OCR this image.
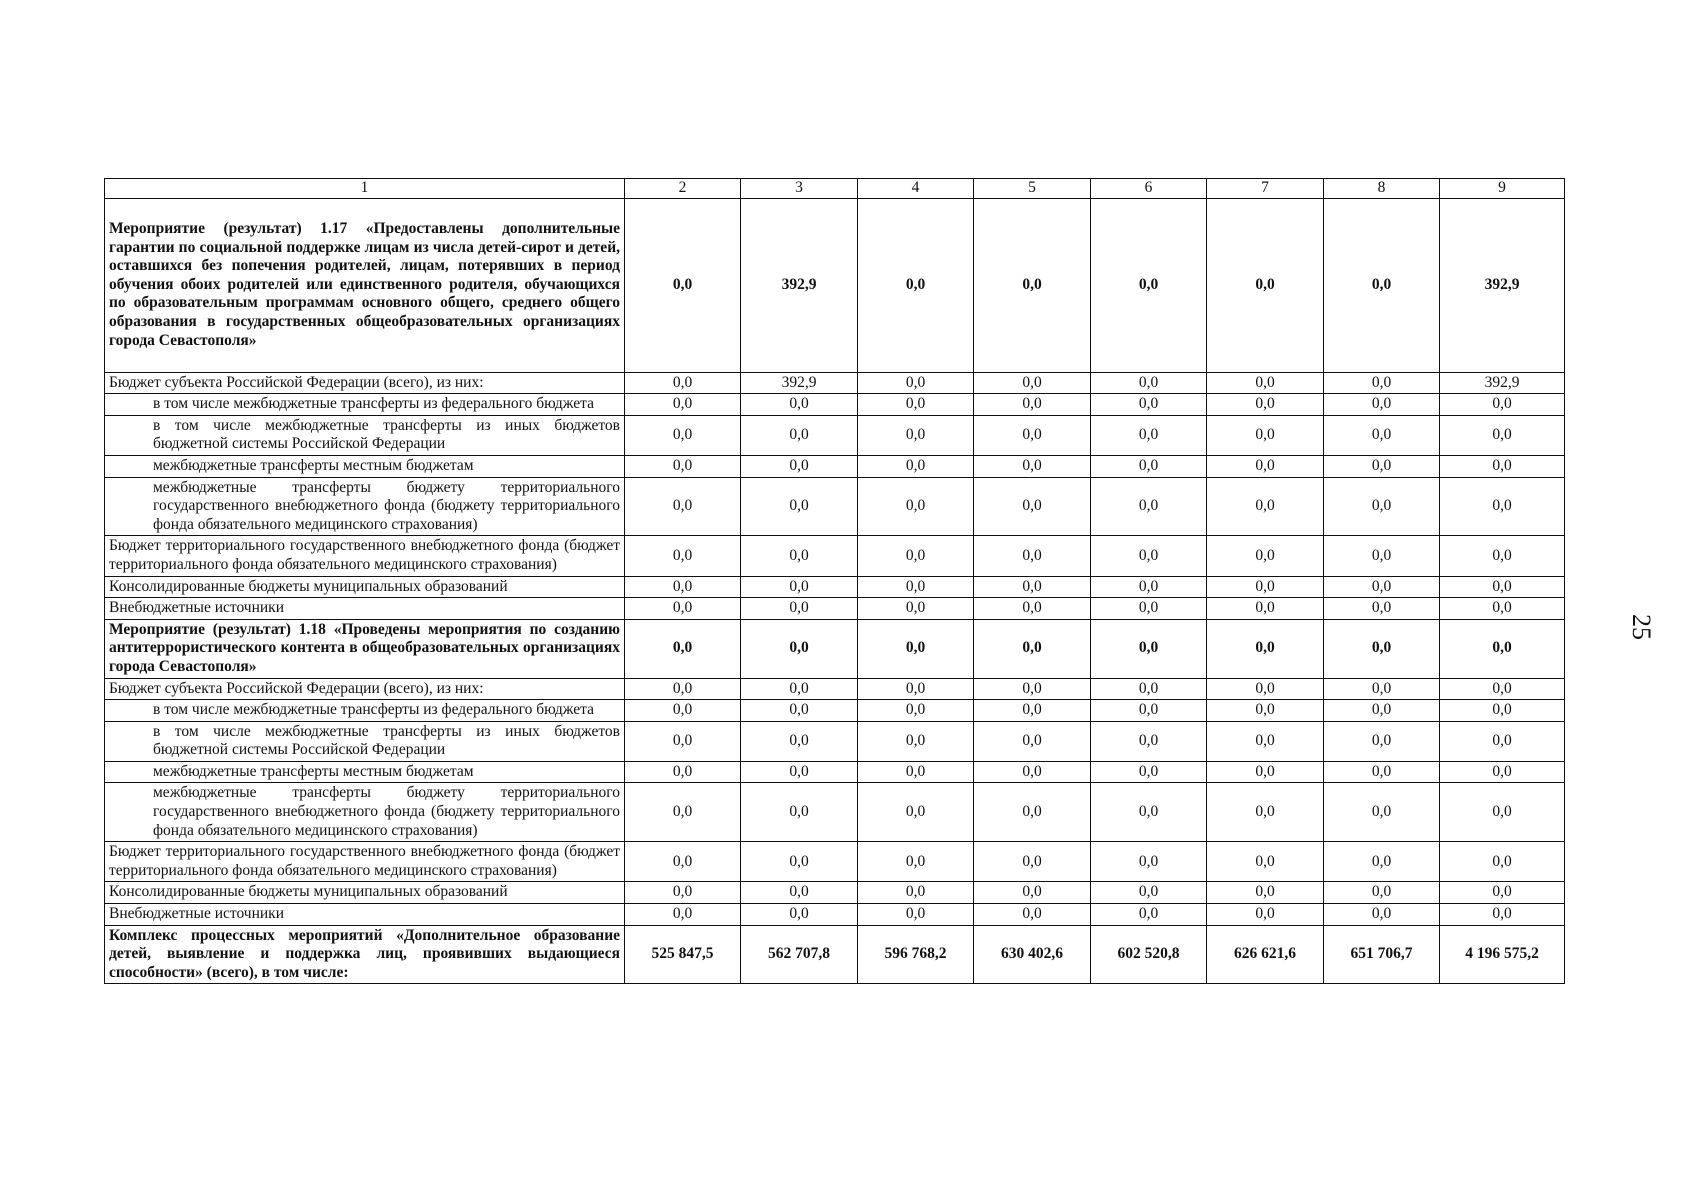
1	2	3	4	5	6	7	8	9
Мероприятие (результат) 1.17 «Предоставлены дополнительные гарантии по социальной поддержке лицам из числа детей-сирот и детей, оставшихся без попечения родителей, лицам, потерявших в период обучения обоих родителей или единственного родителя, обучающихся по образовательным программам основного общего, среднего общего образования в государственных общеобразовательных организациях города Севастополя»	0,0	392,9	0,0	0,0	0,0	0,0	0,0	392,9
Бюджет субъекта Российской Федерации (всего), из них:	0,0	392,9	0,0	0,0	0,0	0,0	0,0	392,9
в том числе межбюджетные трансферты из федерального бюджета	0,0	0,0	0,0	0,0	0,0	0,0	0,0	0,0
в том числе межбюджетные трансферты из иных бюджетов бюджетной системы Российской Федерации	0,0	0,0	0,0	0,0	0,0	0,0	0,0	0,0
межбюджетные трансферты местным бюджетам	0,0	0,0	0,0	0,0	0,0	0,0	0,0	0,0
межбюджетные трансферты бюджету территориального государственного внебюджетного фонда (бюджету территориального фонда обязательного медицинского страхования)	0,0	0,0	0,0	0,0	0,0	0,0	0,0	0,0
Бюджет территориального государственного внебюджетного фонда (бюджет территориального фонда обязательного медицинского страхования)	0,0	0,0	0,0	0,0	0,0	0,0	0,0	0,0
Консолидированные бюджеты муниципальных образований	0,0	0,0	0,0	0,0	0,0	0,0	0,0	0,0
Внебюджетные источники	0,0	0,0	0,0	0,0	0,0	0,0	0,0	0,0
Мероприятие (результат) 1.18 «Проведены мероприятия по созданию антитеррористического контента в общеобразовательных организациях города Севастополя»	0,0	0,0	0,0	0,0	0,0	0,0	0,0	0,0
Бюджет субъекта Российской Федерации (всего), из них:	0,0	0,0	0,0	0,0	0,0	0,0	0,0	0,0
в том числе межбюджетные трансферты из федерального бюджета	0,0	0,0	0,0	0,0	0,0	0,0	0,0	0,0
в том числе межбюджетные трансферты из иных бюджетов бюджетной системы Российской Федерации	0,0	0,0	0,0	0,0	0,0	0,0	0,0	0,0
межбюджетные трансферты местным бюджетам	0,0	0,0	0,0	0,0	0,0	0,0	0,0	0,0
межбюджетные трансферты бюджету территориального государственного внебюджетного фонда (бюджету территориального фонда обязательного медицинского страхования)	0,0	0,0	0,0	0,0	0,0	0,0	0,0	0,0
Бюджет территориального государственного внебюджетного фонда (бюджет территориального фонда обязательного медицинского страхования)	0,0	0,0	0,0	0,0	0,0	0,0	0,0	0,0
Консолидированные бюджеты муниципальных образований	0,0	0,0	0,0	0,0	0,0	0,0	0,0	0,0
Внебюджетные источники	0,0	0,0	0,0	0,0	0,0	0,0	0,0	0,0
Комплекс процессных мероприятий «Дополнительное образование детей, выявление и поддержка лиц, проявивших выдающиеся способности» (всего), в том числе:	525 847,5	562 707,8	596 768,2	630 402,6	602 520,8	626 621,6	651 706,7	4 196 575,2
25
